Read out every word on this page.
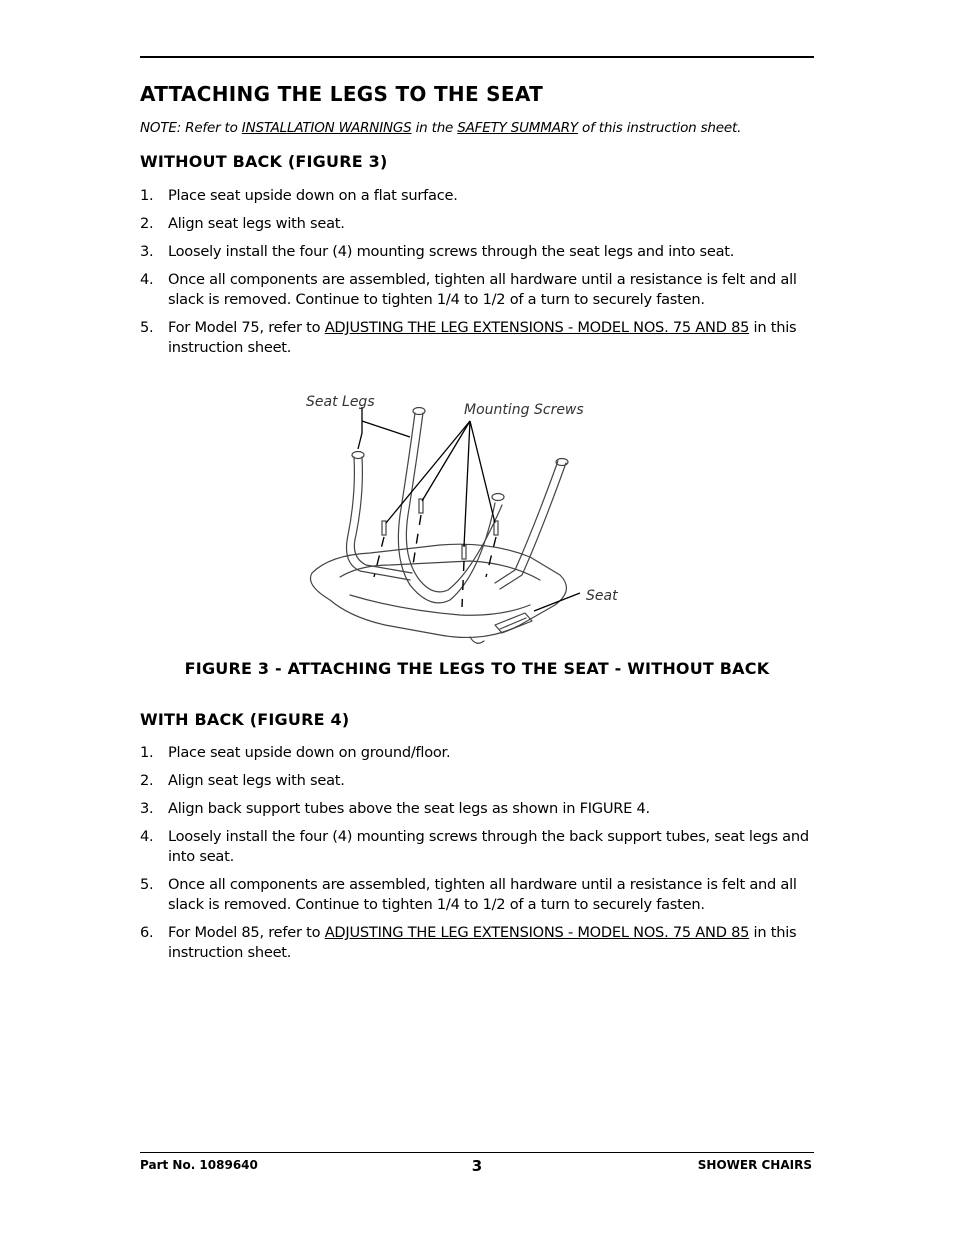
ATTACHING THE LEGS TO THE SEAT
NOTE: Refer to INSTALLATION WARNINGS in the SAFETY SUMMARY of this instruction sheet.
WITHOUT BACK (FIGURE 3)
1. Place seat upside down on a flat surface.
2. Align seat legs with seat.
3. Loosely install the four (4) mounting screws through the seat legs and into seat.
4. Once all components are assembled, tighten all hardware until a resistance is felt and all slack is removed. Continue to tighten 1/4 to 1/2 of a turn to securely fasten.
5. For Model 75, refer to ADJUSTING THE LEG EXTENSIONS - MODEL NOS. 75 AND 85 in this instruction sheet.
Seat Legs	Mounting Screws
Seat
FIGURE 3 - ATTACHING THE LEGS TO THE SEAT - WITHOUT BACK
WITH BACK (FIGURE 4)
1. Place seat upside down on ground/floor.
2. Align seat legs with seat.
3. Align back support tubes above the seat legs as shown in FIGURE 4.
4. Loosely install the four (4) mounting screws through the back support tubes, seat legs and into seat.
5. Once all components are assembled, tighten all hardware until a resistance is felt and all slack is removed. Continue to tighten 1/4 to 1/2 of a turn to securely fasten.
6. For Model 85, refer to ADJUSTING THE LEG EXTENSIONS - MODEL NOS. 75 AND 85 in this instruction sheet.
Part No. 1089640	3	SHOWER CHAIRS
